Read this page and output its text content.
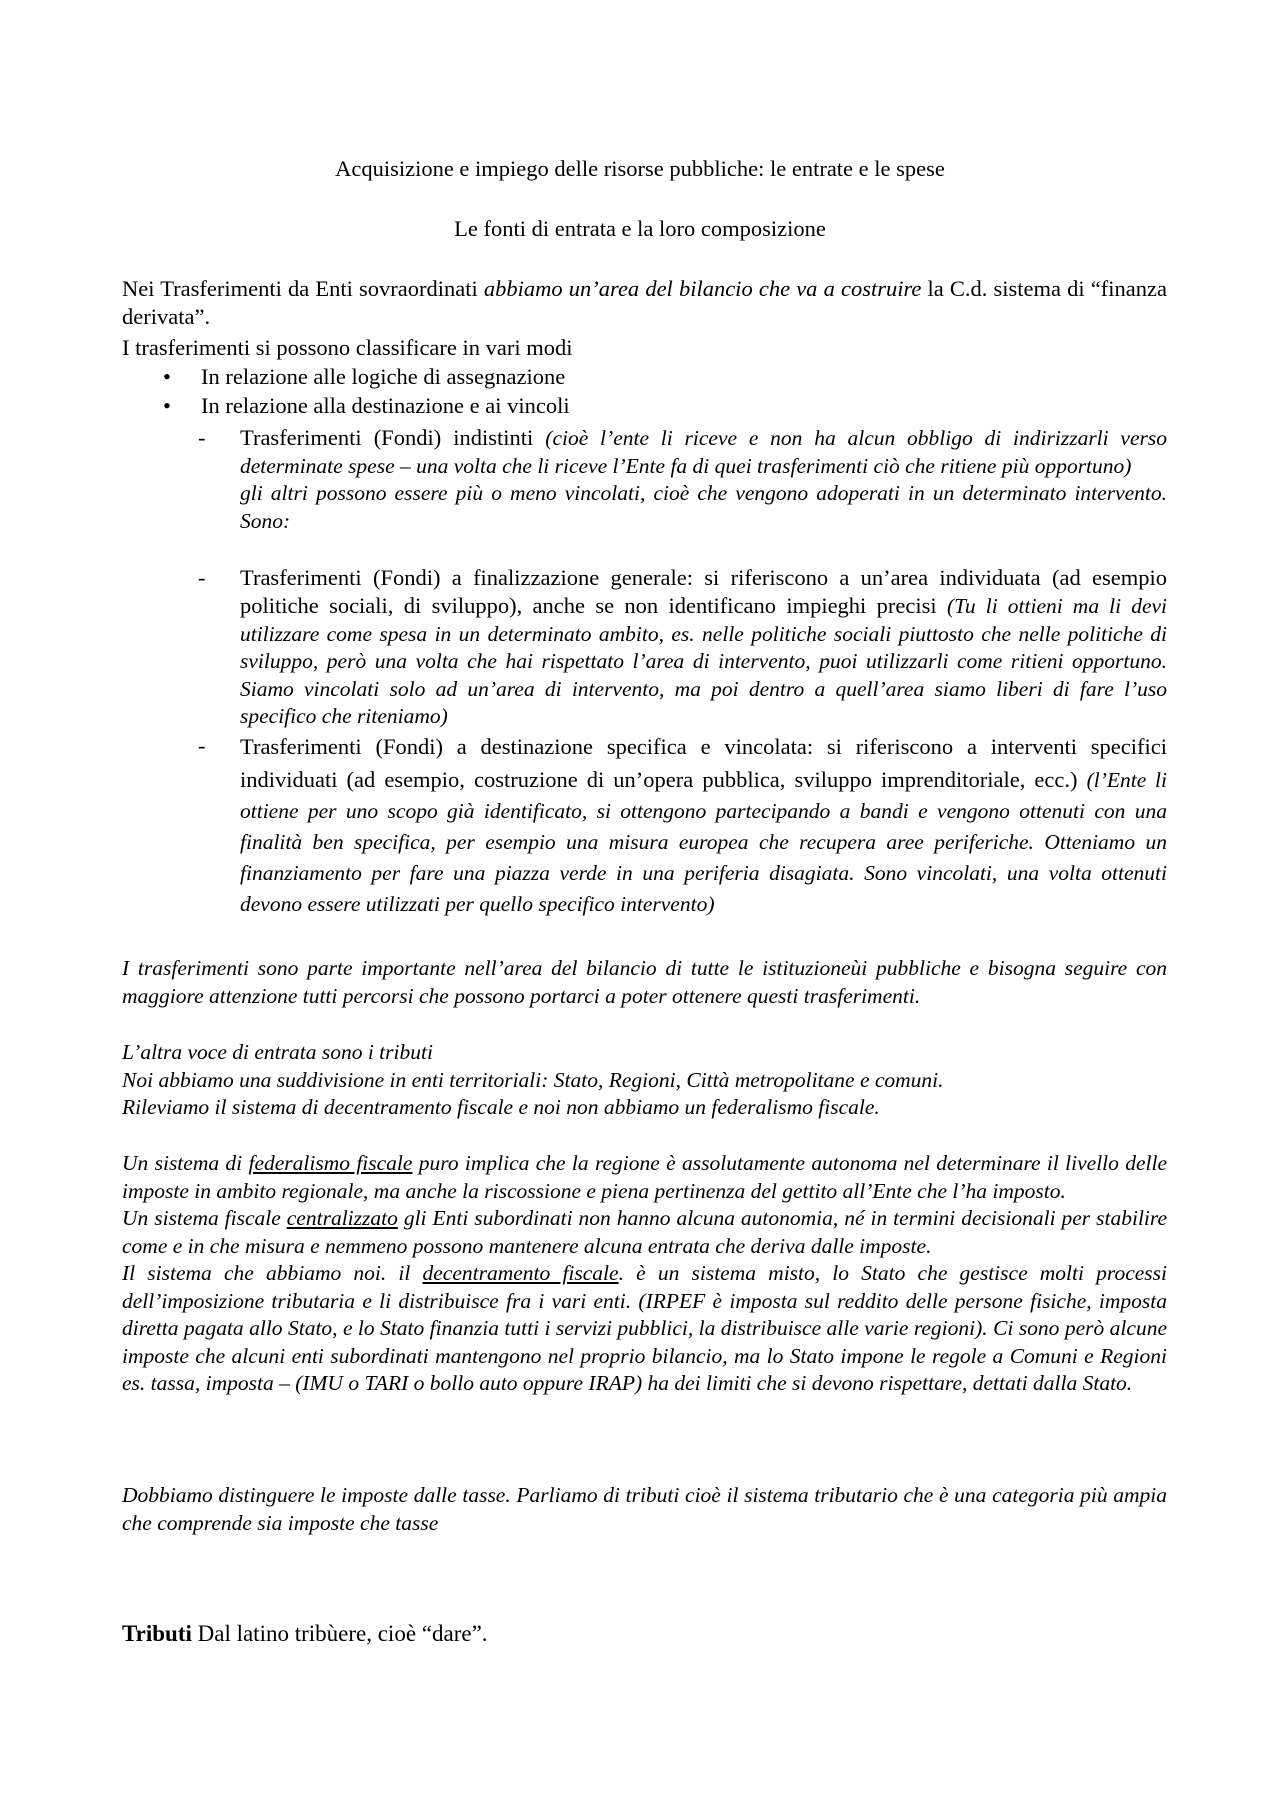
Acquisizione e impiego delle risorse pubbliche: le entrate e le spese
Le fonti di entrata e la loro composizione

Nei Trasferimenti da Enti sovraordinati abbiamo un’area del bilancio che va a costruire la C.d. sistema di “finanza derivata”.

I trasferimenti si possono classificare in vari modi
• In relazione alle logiche di assegnazione
• In relazione alla destinazione e ai vincoli
- Trasferimenti (Fondi) indistinti (cioè l’ente li riceve e non ha alcun obbligo di indirizzarli verso determinate spese – una volta che li riceve l’Ente fa di quei trasferimenti ciò che ritiene più opportuno)

gli altri possono essere più o meno vincolati, cioè che vengono adoperati in un determinato intervento. Sono:

- Trasferimenti (Fondi) a finalizzazione generale: si riferiscono a un’area individuata (ad esempio politiche sociali, di sviluppo), anche se non identificano impieghi precisi (Tu li ottieni ma li devi utilizzare come spesa in un determinato ambito, es. nelle politiche sociali piuttosto che nelle politiche di sviluppo, però una volta che hai rispettato l’area di intervento, puoi utilizzarli come ritieni opportuno. Siamo vincolati solo ad un’area di intervento, ma poi dentro a quell’area siamo liberi di fare l’uso specifico che riteniamo)

- Trasferimenti (Fondi) a destinazione specifica e vincolata: si riferiscono a interventi specifici individuati (ad esempio, costruzione di un’opera pubblica, sviluppo imprenditoriale, ecc.) (l’Ente li ottiene per uno scopo già identificato, si ottengono partecipando a bandi e vengono ottenuti con una finalità ben specifica, per esempio una misura europea che recupera aree periferiche. Otteniamo un finanziamento per fare una piazza verde in una periferia disagiata. Sono vincolati, una volta ottenuti devono essere utilizzati per quello specifico intervento)

I trasferimenti sono parte importante nell’area del bilancio di tutte le istituzioneùi pubbliche e bisogna seguire con maggiore attenzione tutti percorsi che possono portarci a poter ottenere questi trasferimenti.

L’altra voce di entrata sono i tributi

Noi abbiamo una suddivisione in enti territoriali: Stato, Regioni, Città metropolitane e comuni.

Rileviamo il sistema di decentramento fiscale e noi non abbiamo un federalismo fiscale.

Un sistema di federalismo fiscale puro implica che la regione è assolutamente autonoma nel determinare il livello delle imposte in ambito regionale, ma anche la riscossione e piena pertinenza del gettito all’Ente che l’ha imposto.

Un sistema fiscale centralizzato gli Enti subordinati non hanno alcuna autonomia, né in termini decisionali per stabilire come e in che misura e nemmeno possono mantenere alcuna entrata che deriva dalle imposte.

Il sistema che abbiamo noi. il decentramento fiscale. è un sistema misto, lo Stato che gestisce molti processi dell’imposizione tributaria e li distribuisce fra i vari enti. (IRPEF è imposta sul reddito delle persone fisiche, imposta diretta pagata allo Stato, e lo Stato finanzia tutti i servizi pubblici, la distribuisce alle varie regioni). Ci sono però alcune imposte che alcuni enti subordinati mantengono nel proprio bilancio, ma lo Stato impone le regole a Comuni e Regioni es. tassa, imposta – (IMU o TARI o bollo auto oppure IRAP) ha dei limiti che si devono rispettare, dettati dalla Stato.

Dobbiamo distinguere le imposte dalle tasse. Parliamo di tributi cioè il sistema tributario che è una categoria più ampia che comprende sia imposte che tasse
Tributi Dal latino tribùere, cioè “dare”.
